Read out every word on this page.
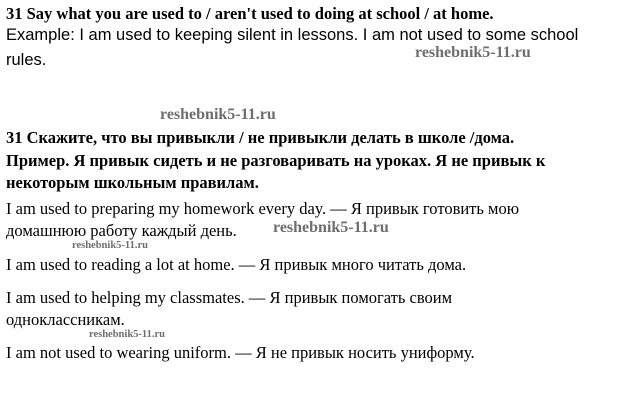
31 Say what you are used to / aren't used to doing at school / at home.
Example: I am used to keeping silent in lessons. I am not used to some school
rules.	reshebnik5-11.ru
reshebnik5-11.ru
31 Скажите, что вы привыкли / не привыкли делать в школе /дома.
Пример. Я привык сидеть и не разговаривать на уроках. Я не привык к
некоторым школьным правилам.
I am used to preparing my homework every day. — Я привык готовить мою
домашнюю работу каждый день. reshebnik5-11.ru
reshebnik5-11.ru
I am used to reading a lot at home. — Я привык много читать дома.
I am used to helping my classmates. — Я привык помогать своим
одноклассникам.
reshebnik5-11.ru
I am not used to wearing uniform. — Я не привык носить униформу.
